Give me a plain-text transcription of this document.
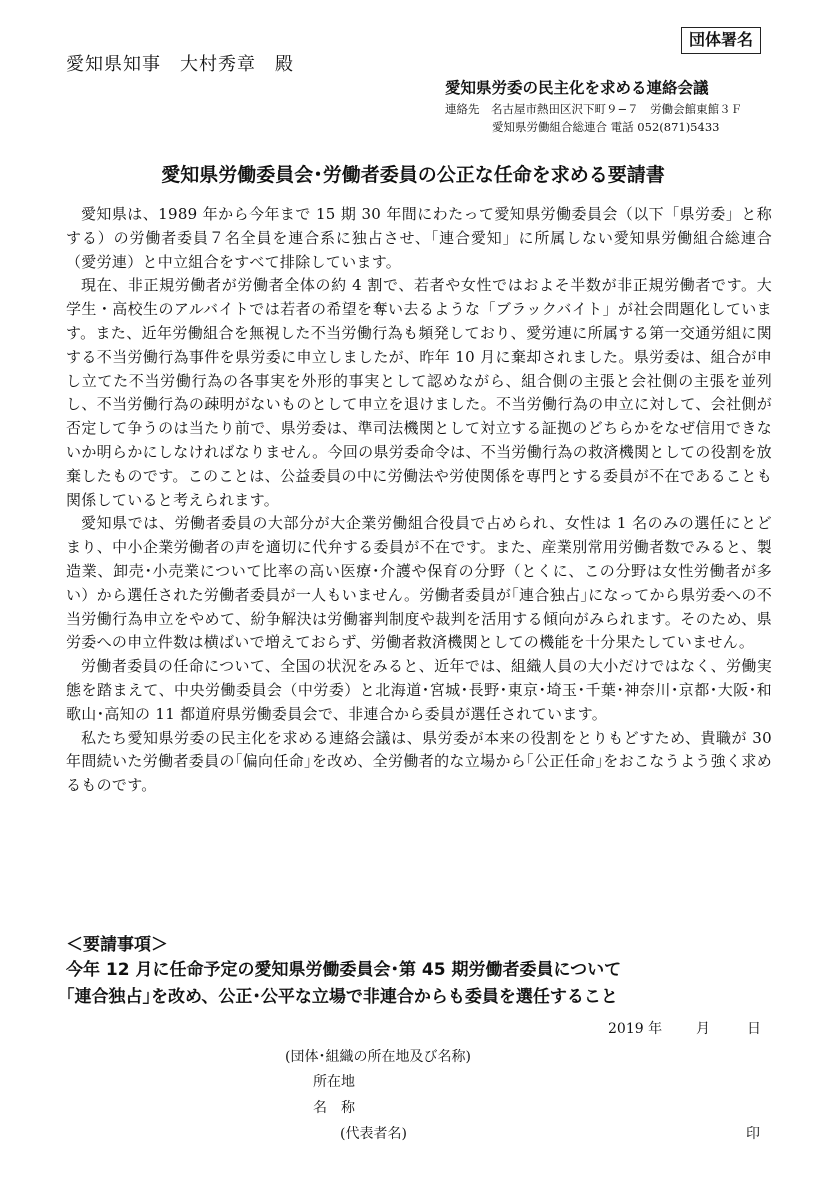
団体署名
愛知県知事　大村秀章　殿
愛知県労委の民主化を求める連絡会議
連絡先　名古屋市熱田区沢下町９−７　労働会館東館３Ｆ
愛知県労働組合総連合 電話 052(871)5433
愛知県労働委員会･労働者委員の公正な任命を求める要請書

愛知県は、1989 年から今年まで 15 期 30 年間にわたって愛知県労働委員会（以下「県労委」と称する）の労働者委員７名全員を連合系に独占させ、「連合愛知」に所属しない愛知県労働組合総連合（愛労連）と中立組合をすべて排除しています。

現在、非正規労働者が労働者全体の約 4 割で、若者や女性ではおよそ半数が非正規労働者です。大学生・高校生のアルバイトでは若者の希望を奪い去るような「ブラックバイト」が社会問題化しています。また、近年労働組合を無視した不当労働行為も頻発しており、愛労連に所属する第一交通労組に関する不当労働行為事件を県労委に申立しましたが、昨年 10 月に棄却されました。県労委は、組合が申し立てた不当労働行為の各事実を外形的事実として認めながら、組合側の主張と会社側の主張を並列し、不当労働行為の疎明がないものとして申立を退けました。不当労働行為の申立に対して、会社側が否定して争うのは当たり前で、県労委は、準司法機関として対立する証拠のどちらかをなぜ信用できないか明らかにしなければなりません。今回の県労委命令は、不当労働行為の救済機関としての役割を放棄したものです。このことは、公益委員の中に労働法や労使関係を専門とする委員が不在であることも関係していると考えられます。

愛知県では、労働者委員の大部分が大企業労働組合役員で占められ、女性は 1 名のみの選任にとどまり、中小企業労働者の声を適切に代弁する委員が不在です。また、産業別常用労働者数でみると、製造業、卸売･小売業について比率の高い医療･介護や保育の分野（とくに、この分野は女性労働者が多い）から選任された労働者委員が一人もいません。労働者委員が｢連合独占｣になってから県労委への不当労働行為申立をやめて、紛争解決は労働審判制度や裁判を活用する傾向がみられます。そのため、県労委への申立件数は横ばいで増えておらず、労働者救済機関としての機能を十分果たしていません。

労働者委員の任命について、全国の状況をみると、近年では、組織人員の大小だけではなく、労働実態を踏まえて、中央労働委員会（中労委）と北海道･宮城･長野･東京･埼玉･千葉･神奈川･京都･大阪･和歌山･高知の 11 都道府県労働委員会で、非連合から委員が選任されています。

私たち愛知県労委の民主化を求める連絡会議は、県労委が本来の役割をとりもどすため、貴職が 30 年間続いた労働者委員の｢偏向任命｣を改め、全労働者的な立場から｢公正任命｣をおこなうよう強く求めるものです。

＜要請事項＞
今年 12 月に任命予定の愛知県労働委員会･第 45 期労働者委員について
｢連合独占｣を改め、公正･公平な立場で非連合からも委員を選任すること
2019 年 月	日
(団体･組織の所在地及び名称)
所在地
名称
(代表者名)	印
